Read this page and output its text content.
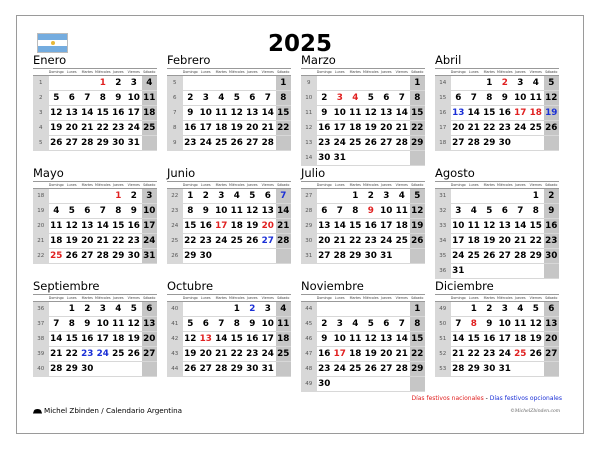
2025
Enero
	Domingo	Lunes	Martes	Miércoles	Jueves	Viernes	Sábado
1				1	2	3	4
2	5	6	7	8	9	10	11
3	12	13	14	15	16	17	18
4	19	20	21	22	23	24	25
5	26	27	28	29	30	31	
Febrero
	Domingo	Lunes	Martes	Miércoles	Jueves	Viernes	Sábado
5							1
6	2	3	4	5	6	7	8
7	9	10	11	12	13	14	15
8	16	17	18	19	20	21	22
9	23	24	25	26	27	28	
Marzo
	Domingo	Lunes	Martes	Miércoles	Jueves	Viernes	Sábado
9							1
10	2	3	4	5	6	7	8
11	9	10	11	12	13	14	15
12	16	17	18	19	20	21	22
13	23	24	25	26	27	28	29
14	30	31					
Abril
	Domingo	Lunes	Martes	Miércoles	Jueves	Viernes	Sábado
14			1	2	3	4	5
15	6	7	8	9	10	11	12
16	13	14	15	16	17	18	19
17	20	21	22	23	24	25	26
18	27	28	29	30			
Mayo
	Domingo	Lunes	Martes	Miércoles	Jueves	Viernes	Sábado
18					1	2	3
19	4	5	6	7	8	9	10
20	11	12	13	14	15	16	17
21	18	19	20	21	22	23	24
22	25	26	27	28	29	30	31
Junio
	Domingo	Lunes	Martes	Miércoles	Jueves	Viernes	Sábado
22	1	2	3	4	5	6	7
23	8	9	10	11	12	13	14
24	15	16	17	18	19	20	21
25	22	23	24	25	26	27	28
26	29	30					
Julio
	Domingo	Lunes	Martes	Miércoles	Jueves	Viernes	Sábado
27			1	2	3	4	5
28	6	7	8	9	10	11	12
29	13	14	15	16	17	18	19
30	20	21	22	23	24	25	26
31	27	28	29	30	31		
Agosto
	Domingo	Lunes	Martes	Miércoles	Jueves	Viernes	Sábado
31						1	2
32	3	4	5	6	7	8	9
33	10	11	12	13	14	15	16
34	17	18	19	20	21	22	23
35	24	25	26	27	28	29	30
36	31						
Septiembre
	Domingo	Lunes	Martes	Miércoles	Jueves	Viernes	Sábado
36		1	2	3	4	5	6
37	7	8	9	10	11	12	13
38	14	15	16	17	18	19	20
39	21	22	23	24	25	26	27
40	28	29	30				
Octubre
	Domingo	Lunes	Martes	Miércoles	Jueves	Viernes	Sábado
40				1	2	3	4
41	5	6	7	8	9	10	11
42	12	13	14	15	16	17	18
43	19	20	21	22	23	24	25
44	26	27	28	29	30	31	
Noviembre
	Domingo	Lunes	Martes	Miércoles	Jueves	Viernes	Sábado
44							1
45	2	3	4	5	6	7	8
46	9	10	11	12	13	14	15
47	16	17	18	19	20	21	22
48	23	24	25	26	27	28	29
49	30						
Diciembre
	Domingo	Lunes	Martes	Miércoles	Jueves	Viernes	Sábado
49		1	2	3	4	5	6
50	7	8	9	10	11	12	13
51	14	15	16	17	18	19	20
52	21	22	23	24	25	26	27
53	28	29	30	31			
Días festivos nacionales - Días festivos opcionales
Michel Zbinden / Calendario Argentina	©MichelZbinden.com
